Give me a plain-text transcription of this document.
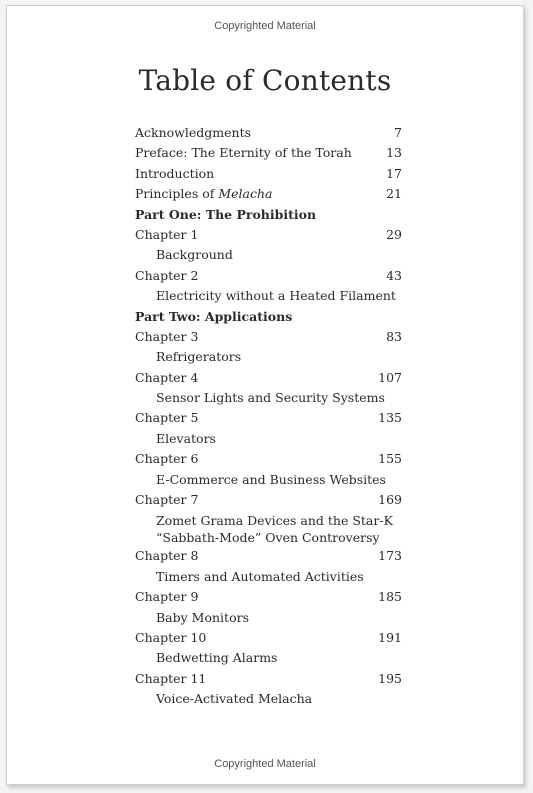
Copyrighted Material
Table of Contents
Acknowledgments	7
Preface: The Eternity of the Torah	13
Introduction	17
Principles of Melacha	21
Part One: The Prohibition
Chapter 1	29
Background
Chapter 2	43
Electricity without a Heated Filament
Part Two: Applications
Chapter 3	83
Refrigerators
Chapter 4	107
Sensor Lights and Security Systems
Chapter 5	135
Elevators
Chapter 6	155
E-Commerce and Business Websites
Chapter 7	169
Zomet Grama Devices and the Star-K
“Sabbath-Mode” Oven Controversy
Chapter 8	173
Timers and Automated Activities
Chapter 9	185
Baby Monitors
Chapter 10	191
Bedwetting Alarms
Chapter 11	195
Voice-Activated Melacha
Copyrighted Material
